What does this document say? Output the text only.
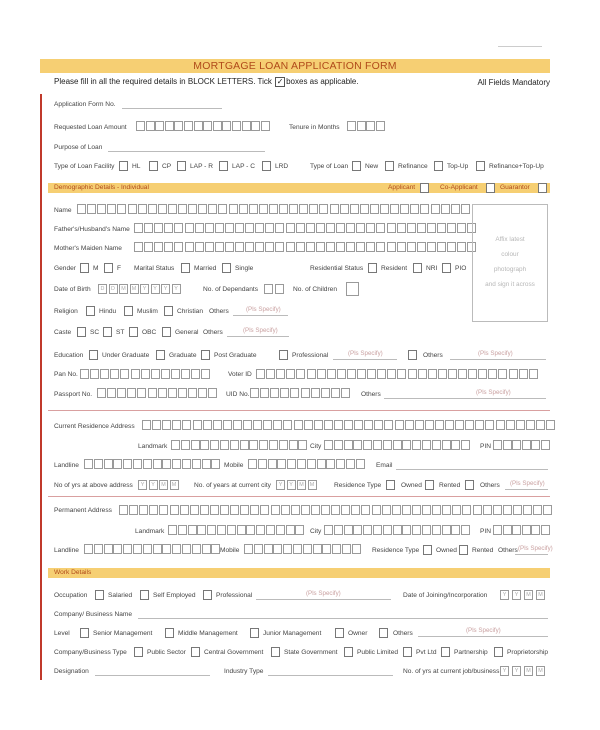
MORTGAGE LOAN APPLICATION FORM
Please fill in all the required details in BLOCK LETTERS. Tick ✓ boxes as applicable.	All Fields Mandatory
Application Form No.
Requested Loan Amount	Tenure in Months
Purpose of Loan
Type of Loan Facility	HL	CP	LAP - R	LAP - C	LRD	Type of Loan	New	Refinance	Top-Up	Refinance+Top-Up
Demographic Details - Individual	Applicant	Co-Applicant	Guarantor
Name
Father's/Husband's Name
Mother's Maiden Name
Affix latest
colour
photograph
and sign it across
Gender	M	F Marital Status	Married	Single	Residential Status	Resident	NRI	PIO
Date of Birth	D	D	M	M	Y	Y	Y	Y	No. of Dependants	No. of Children
Religion	Hindu	Muslim	Christian Others	(Pls Specify)
Caste	SC	ST	OBC	General Others	(Pls Specify)
Education	Under Graduate	Graduate	Post Graduate	Professional	(Pls Specify)	Others	(Pls Specify)
Pan No.	Voter ID
Passport No.	UID No.	Others	(Pls Specify)
Current Residence Address
Landmark	City	PIN
Landline	Mobile	Email
No of yrs at above address	Y	Y	M	M	No. of years at current city	Y	Y	M	M	Residence Type	Owned	Rented	Others (Pls Specify)
Permanent Address
Landmark	City	PIN
Landline	Mobile	Residence Type	Owned Rented Others (Pls Specify)
Work Details
Occupation	Salaried	Self Employed	Professional	(Pls Specify)	Date of Joining/Incorporation	Y	Y	M	M
Company/ Business Name
Level	Senior Management	Middle Management	Junior Management	Owner	Others	(Pls Specify)
Company/Business Type	Public Sector	Central Government	State Government	Public Limited	Pvt Ltd	Partnership	Proprietorship
Designation	Industry Type	No. of yrs at current job/business Y	Y	M	M
